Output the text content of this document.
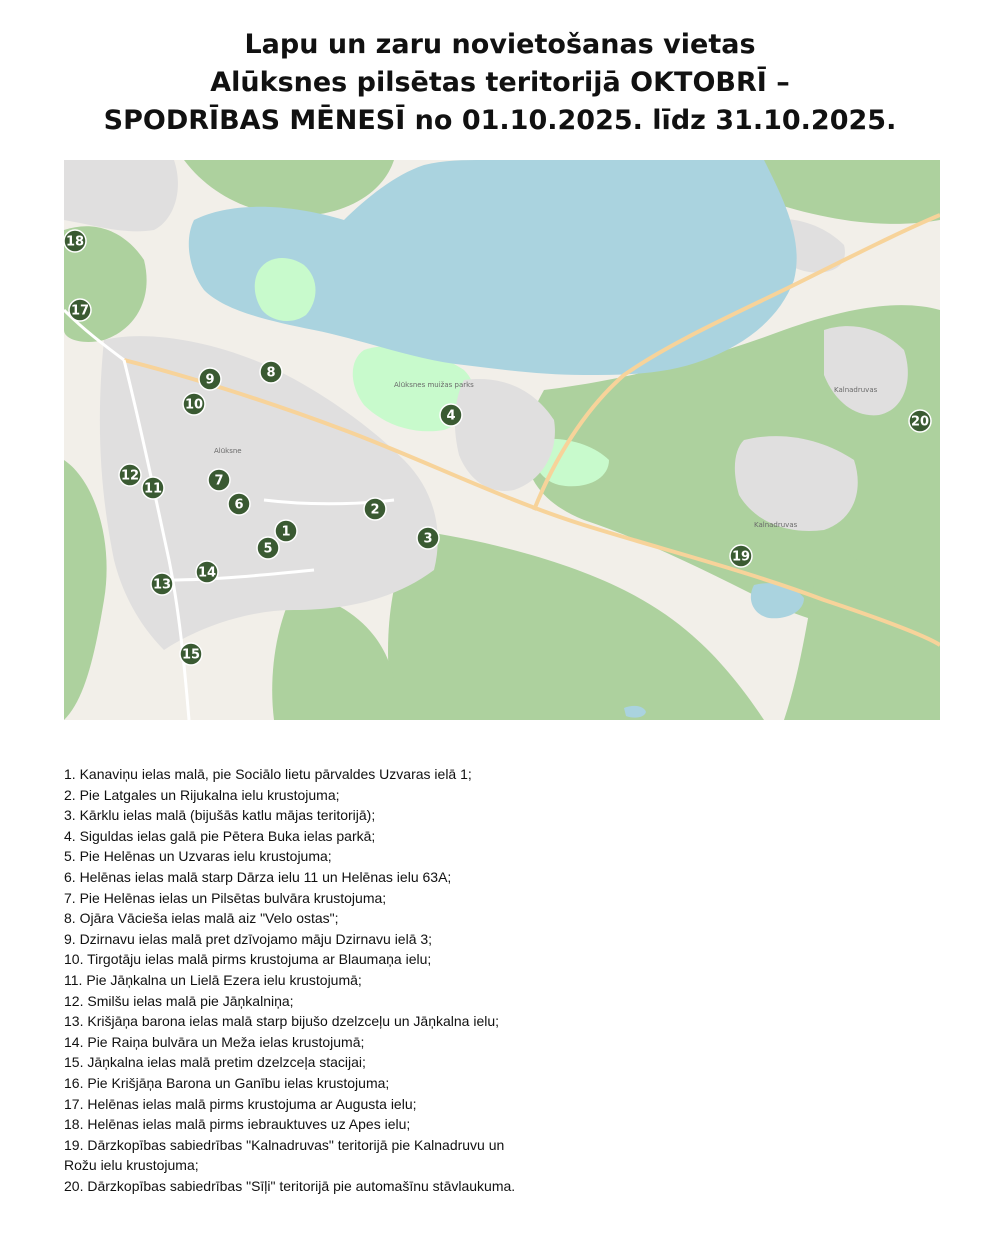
Lapu un zaru novietošanas vietas
Alūksnes pilsētas teritorijā OKTOBRĪ –
SPODRĪBAS MĒNESĪ no 01.10.2025. līdz 31.10.2025.
Alūksne
Alūksnes muižas parks
Kalnadruvas
Kalnadruvas
1
2
3
4
5
6
7
8
9
10
11
12
13
14
15
17
18
19
20
1. Kanaviņu ielas malā, pie Sociālo lietu pārvaldes Uzvaras ielā 1;
2. Pie Latgales un Rijukalna ielu krustojuma;
3. Kārklu ielas malā (bijušās katlu mājas teritorijā);
4. Siguldas ielas galā pie Pētera Buka ielas parkā;
5. Pie Helēnas un Uzvaras ielu krustojuma;
6. Helēnas ielas malā starp Dārza ielu 11 un Helēnas ielu 63A;
7. Pie Helēnas ielas un Pilsētas bulvāra krustojuma;
8. Ojāra Vācieša ielas malā aiz "Velo ostas";
9. Dzirnavu ielas malā pret dzīvojamo māju Dzirnavu ielā 3;
10. Tirgotāju ielas malā pirms krustojuma ar Blaumaņa ielu;
11. Pie Jāņkalna un Lielā Ezera ielu krustojumā;
12. Smilšu ielas malā pie Jāņkalniņa;
13. Krišjāņa barona ielas malā starp bijušo dzelzceļu un Jāņkalna ielu;
14. Pie Raiņa bulvāra un Meža ielas krustojumā;
15. Jāņkalna ielas malā pretim dzelzceļa stacijai;
16. Pie Krišjāņa Barona un Ganību ielas krustojuma;
17. Helēnas ielas malā pirms krustojuma ar Augusta ielu;
18. Helēnas ielas malā pirms iebrauktuves uz Apes ielu;
19. Dārzkopības sabiedrības "Kalnadruvas" teritorijā pie Kalnadruvu un
Rožu ielu krustojuma;
20. Dārzkopības sabiedrības "Sīļi" teritorijā pie automašīnu stāvlaukuma.
